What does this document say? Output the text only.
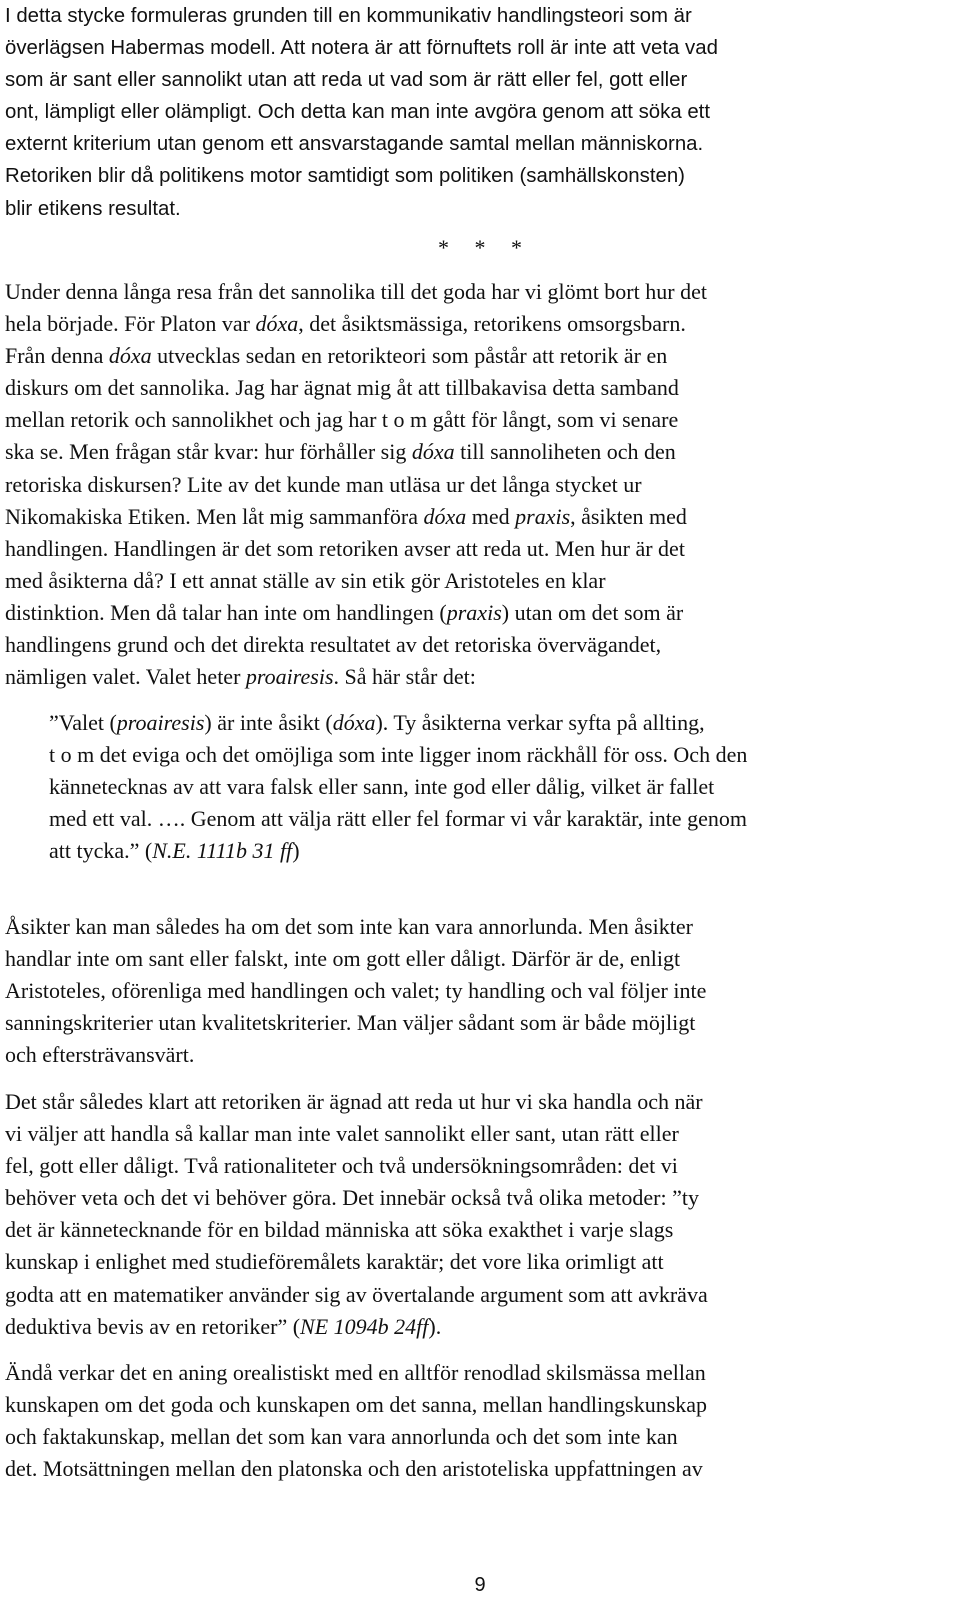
I detta stycke formuleras grunden till en kommunikativ handlingsteori som är
överlägsen Habermas modell. Att notera är att förnuftets roll är inte att veta vad
som är sant eller sannolikt utan att reda ut vad som är rätt eller fel, gott eller
ont, lämpligt eller olämpligt. Och detta kan man inte avgöra genom att söka ett
externt kriterium utan genom ett ansvarstagande samtal mellan människorna.
Retoriken blir då politikens motor samtidigt som politiken (samhällskonsten)
blir etikens resultat.
* * *
Under denna långa resa från det sannolika till det goda har vi glömt bort hur det
hela började. För Platon var dóxa, det åsiktsmässiga, retorikens omsorgsbarn.
Från denna dóxa utvecklas sedan en retorikteori som påstår att retorik är en
diskurs om det sannolika. Jag har ägnat mig åt att tillbakavisa detta samband
mellan retorik och sannolikhet och jag har t o m gått för långt, som vi senare
ska se. Men frågan står kvar: hur förhåller sig dóxa till sannoliheten och den
retoriska diskursen? Lite av det kunde man utläsa ur det långa stycket ur
Nikomakiska Etiken. Men låt mig sammanföra dóxa med praxis, åsikten med
handlingen. Handlingen är det som retoriken avser att reda ut. Men hur är det
med åsikterna då? I ett annat ställe av sin etik gör Aristoteles en klar
distinktion. Men då talar han inte om handlingen (praxis) utan om det som är
handlingens grund och det direkta resultatet av det retoriska övervägandet,
nämligen valet. Valet heter proairesis. Så här står det:
”Valet (proairesis) är inte åsikt (dóxa). Ty åsikterna verkar syfta på allting,
t o m det eviga och det omöjliga som inte ligger inom räckhåll för oss. Och den
kännetecknas av att vara falsk eller sann, inte god eller dålig, vilket är fallet
med ett val. …. Genom att välja rätt eller fel formar vi vår karaktär, inte genom
att tycka.” (N.E. 1111b 31 ff)
Åsikter kan man således ha om det som inte kan vara annorlunda. Men åsikter
handlar inte om sant eller falskt, inte om gott eller dåligt. Därför är de, enligt
Aristoteles, oförenliga med handlingen och valet; ty handling och val följer inte
sanningskriterier utan kvalitetskriterier. Man väljer sådant som är både möjligt
och eftersträvansvärt.
Det står således klart att retoriken är ägnad att reda ut hur vi ska handla och när
vi väljer att handla så kallar man inte valet sannolikt eller sant, utan rätt eller
fel, gott eller dåligt. Två rationaliteter och två undersökningsområden: det vi
behöver veta och det vi behöver göra. Det innebär också två olika metoder: ”ty
det är kännetecknande för en bildad människa att söka exakthet i varje slags
kunskap i enlighet med studieföremålets karaktär; det vore lika orimligt att
godta att en matematiker använder sig av övertalande argument som att avkräva
deduktiva bevis av en retoriker” (NE 1094b 24ff).
Ändå verkar det en aning orealistiskt med en alltför renodlad skilsmässa mellan
kunskapen om det goda och kunskapen om det sanna, mellan handlingskunskap
och faktakunskap, mellan det som kan vara annorlunda och det som inte kan
det. Motsättningen mellan den platonska och den aristoteliska uppfattningen av
9
